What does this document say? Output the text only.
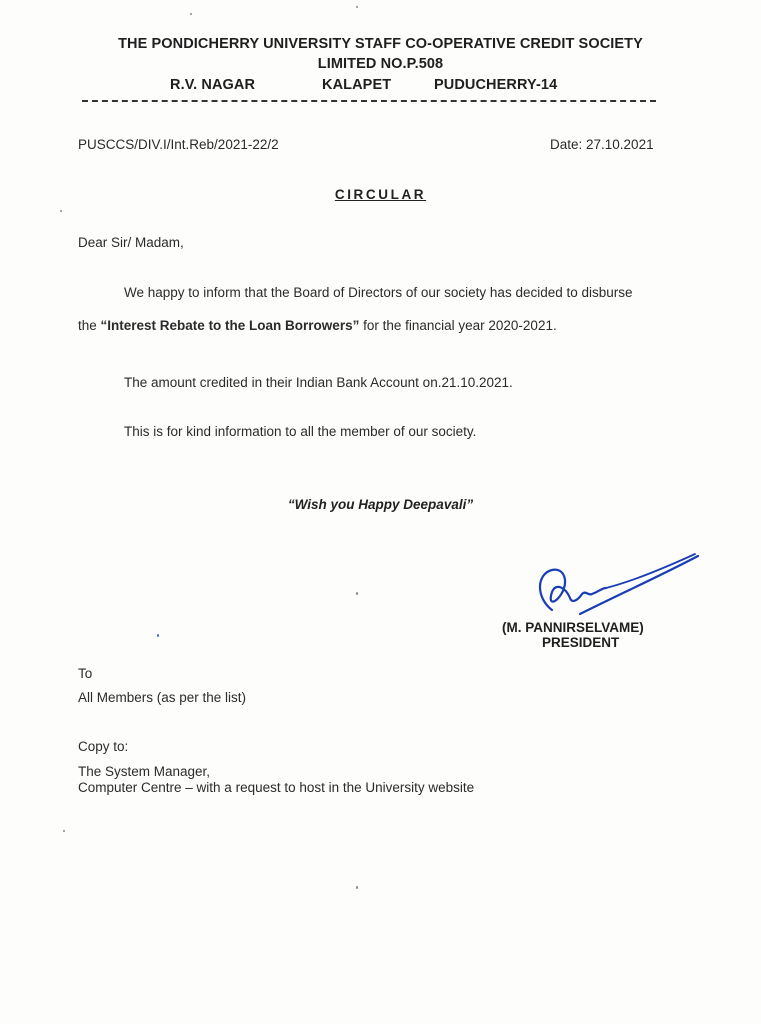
THE PONDICHERRY UNIVERSITY STAFF CO-OPERATIVE CREDIT SOCIETY
LIMITED NO.P.508
R.V. NAGAR	KALAPET	PUDUCHERRY-14
PUSCCS/DIV.I/Int.Reb/2021-22/2	Date: 27.10.2021
CIRCULAR
Dear Sir/ Madam,
We happy to inform that the Board of Directors of our society has decided to disburse
the “Interest Rebate to the Loan Borrowers” for the financial year 2020-2021.
The amount credited in their Indian Bank Account on.21.10.2021.
This is for kind information to all the member of our society.
“Wish you Happy Deepavali”
(M. PANNIRSELVAME)
PRESIDENT
To
All Members (as per the list)
Copy to:
The System Manager,
Computer Centre – with a request to host in the University website
